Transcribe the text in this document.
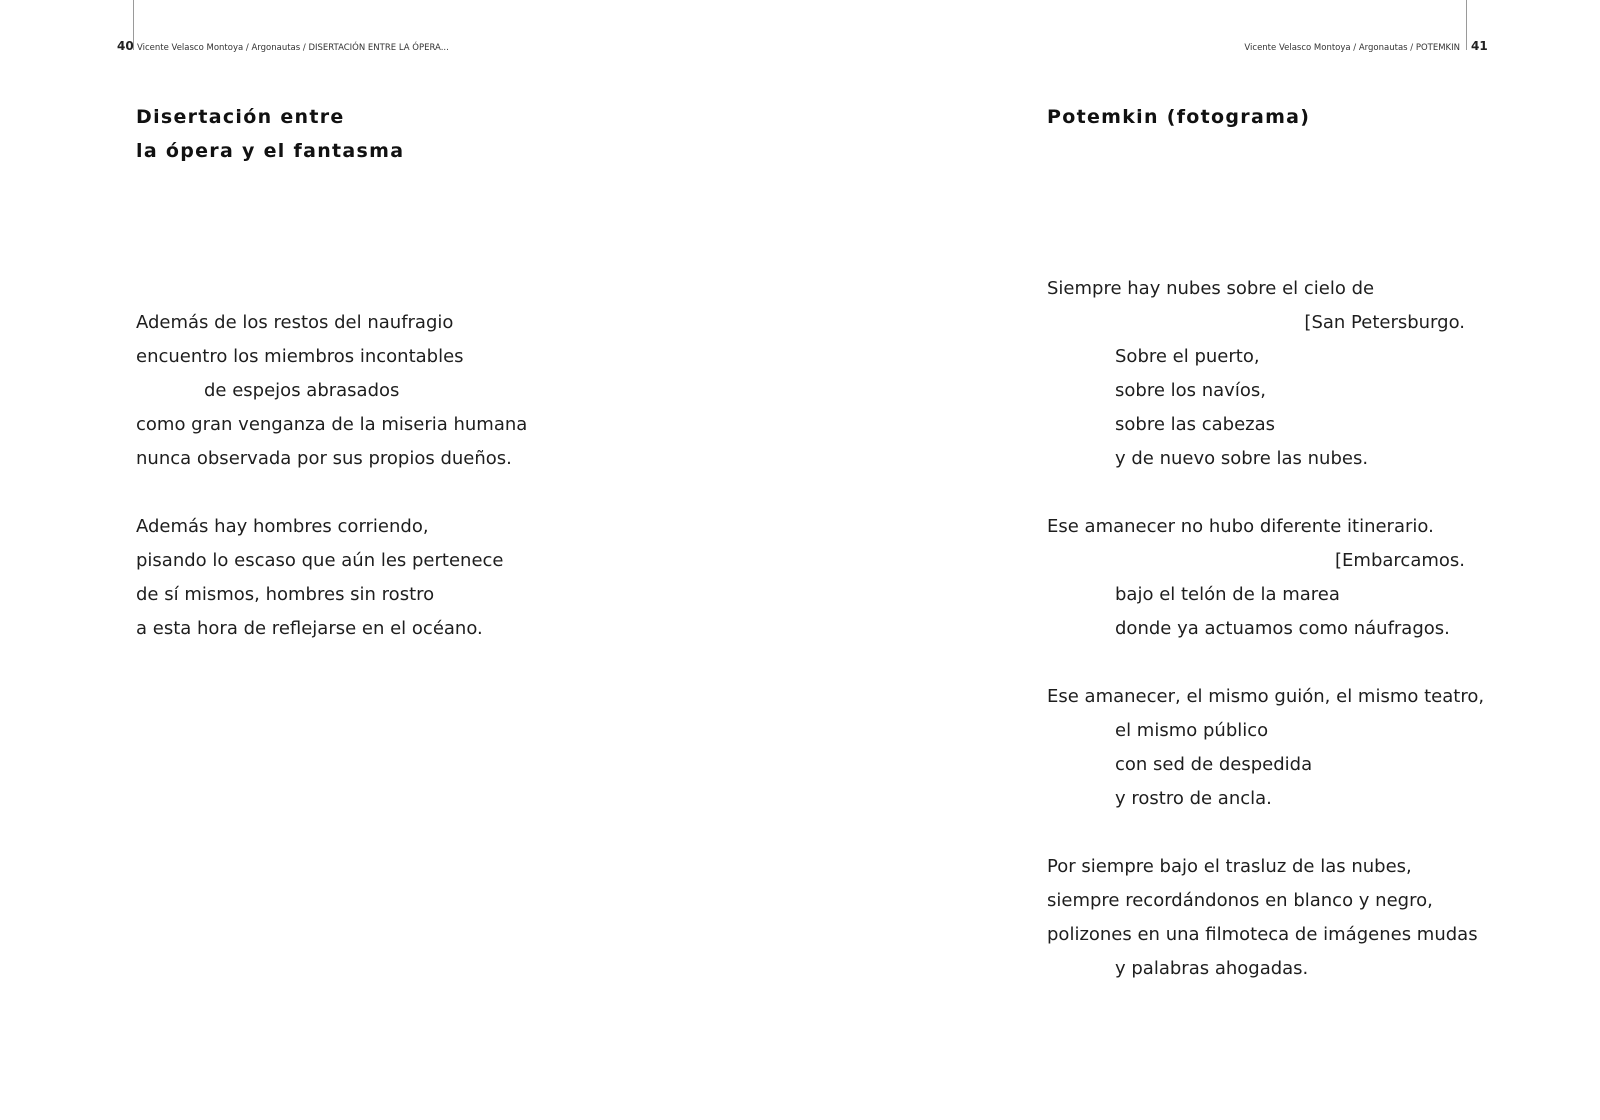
40 Vicente Velasco Montoya / Argonautas / DISERTACIÓN ENTRE LA ÓPERA...
Disertación entre
la ópera y el fantasma
Además de los restos del naufragio
encuentro los miembros incontables
de espejos abrasados
como gran venganza de la miseria humana
nunca observada por sus propios dueños.
Además hay hombres corriendo,
pisando lo escaso que aún les pertenece
de sí mismos, hombres sin rostro
a esta hora de reflejarse en el océano.
Vicente Velasco Montoya / Argonautas / POTEMKIN 41
Potemkin (fotograma)
Siempre hay nubes sobre el cielo de
[San Petersburgo.
Sobre el puerto,
sobre los navíos,
sobre las cabezas
y de nuevo sobre las nubes.
Ese amanecer no hubo diferente itinerario.
[Embarcamos.
bajo el telón de la marea
donde ya actuamos como náufragos.
Ese amanecer, el mismo guión, el mismo teatro,
el mismo público
con sed de despedida
y rostro de ancla.
Por siempre bajo el trasluz de las nubes,
siempre recordándonos en blanco y negro,
polizones en una filmoteca de imágenes mudas
y palabras ahogadas.
